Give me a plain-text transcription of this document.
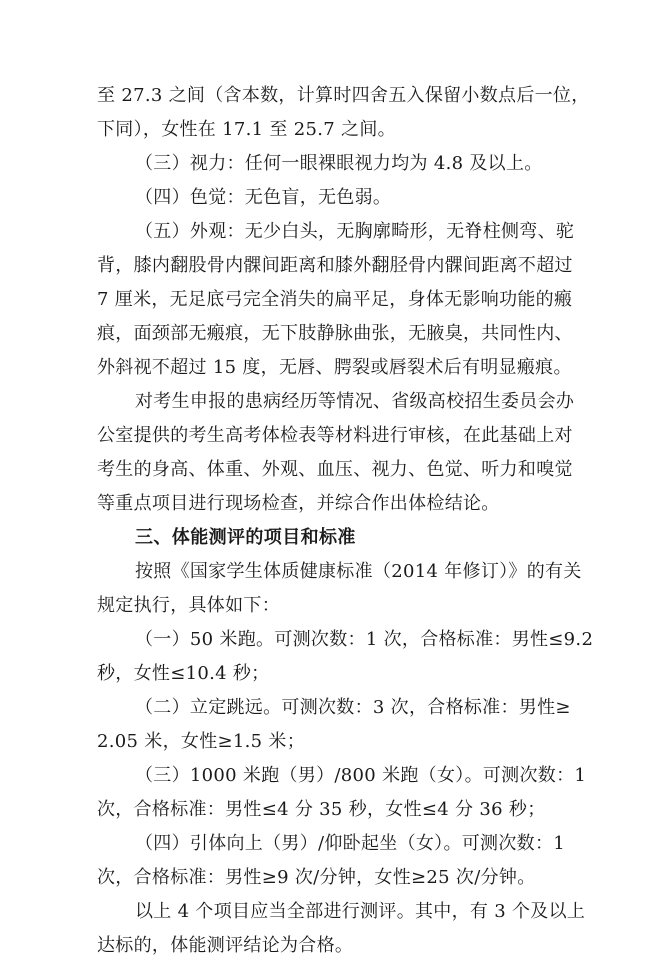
至 27.3 之间（含本数，计算时四舍五入保留小数点后一位，
下同），女性在 17.1 至 25.7 之间。
（三）视力：任何一眼裸眼视力均为 4.8 及以上。
（四）色觉：无色盲，无色弱。
（五）外观：无少白头，无胸廓畸形，无脊柱侧弯、驼
背，膝内翻股骨内髁间距离和膝外翻胫骨内髁间距离不超过
7 厘米，无足底弓完全消失的扁平足，身体无影响功能的瘢
痕，面颈部无瘢痕，无下肢静脉曲张，无腋臭，共同性内、
外斜视不超过 15 度，无唇、腭裂或唇裂术后有明显瘢痕。
对考生申报的患病经历等情况、省级高校招生委员会办
公室提供的考生高考体检表等材料进行审核，在此基础上对
考生的身高、体重、外观、血压、视力、色觉、听力和嗅觉
等重点项目进行现场检查，并综合作出体检结论。
三、体能测评的项目和标准
按照《国家学生体质健康标准（2014 年修订）》的有关
规定执行，具体如下：
（一）50 米跑。可测次数：1 次，合格标准：男性≤9.2
秒，女性≤10.4 秒；
（二）立定跳远。可测次数：3 次，合格标准：男性≥
2.05 米，女性≥1.5 米；
（三）1000 米跑（男）/800 米跑（女）。可测次数：1
次，合格标准：男性≤4 分 35 秒，女性≤4 分 36 秒；
（四）引体向上（男）/仰卧起坐（女）。可测次数：1
次，合格标准：男性≥9 次/分钟，女性≥25 次/分钟。
以上 4 个项目应当全部进行测评。其中，有 3 个及以上
达标的，体能测评结论为合格。
